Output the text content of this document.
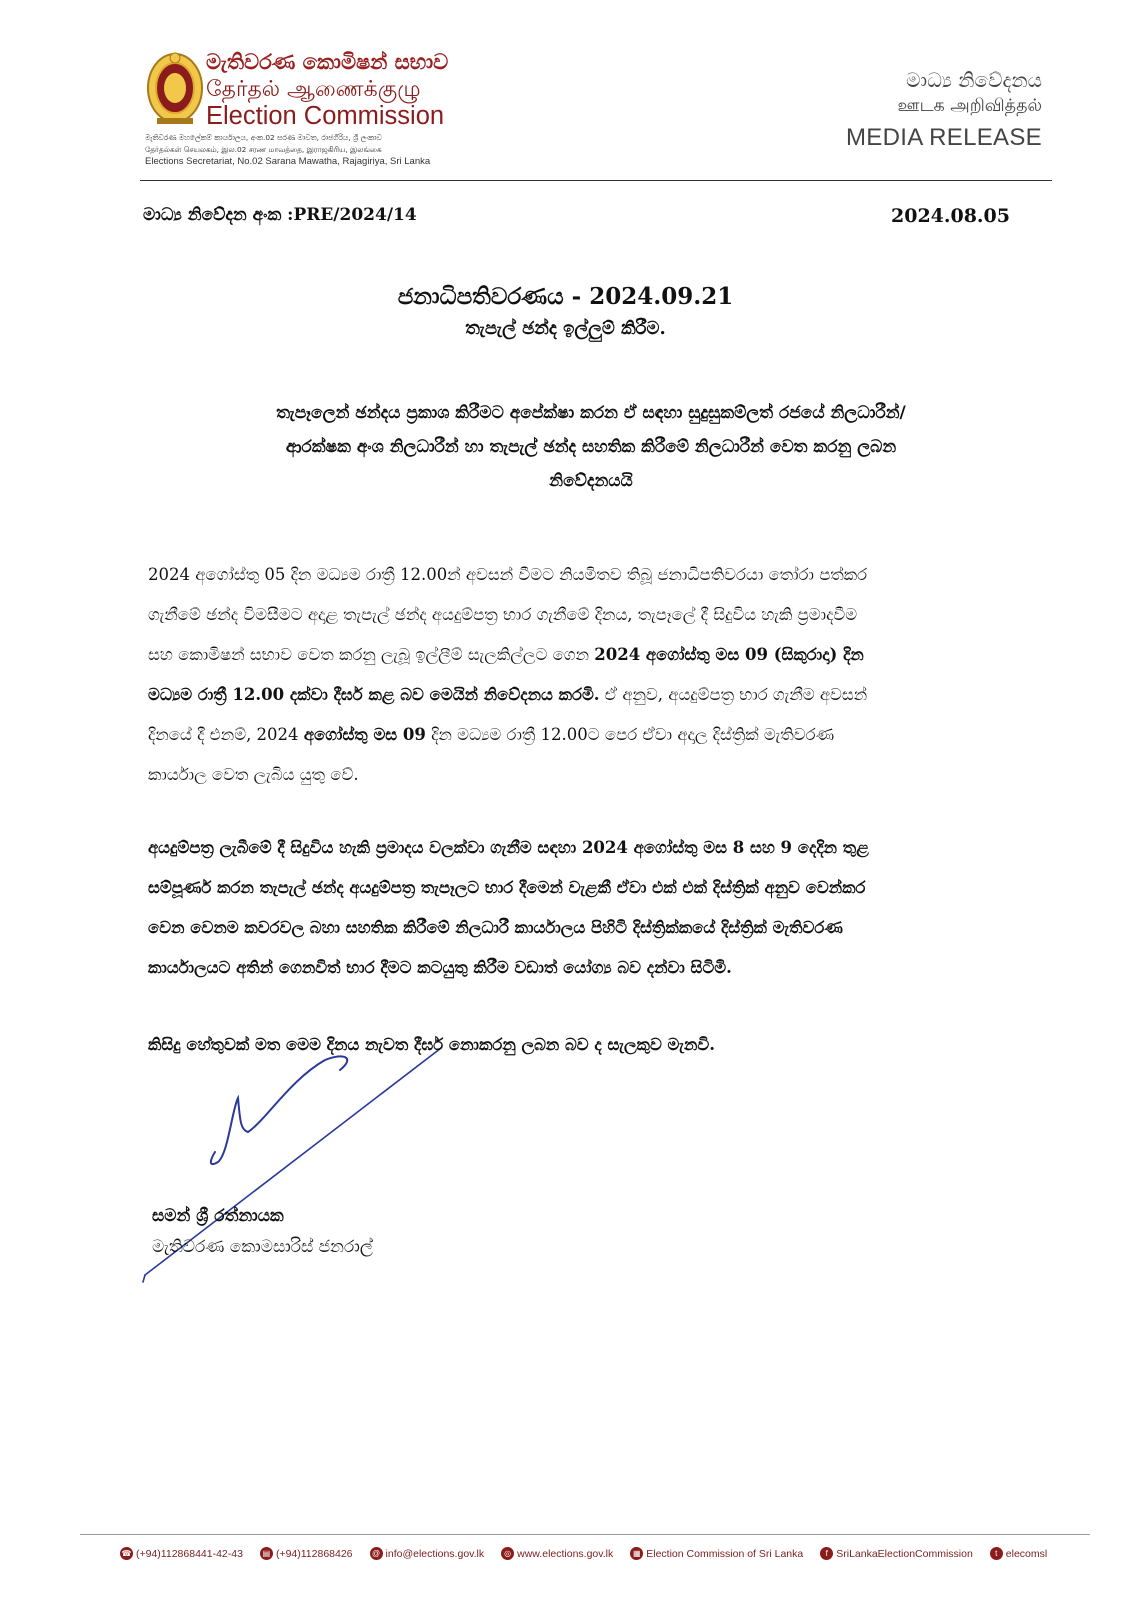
මැතිවරණ කොමිෂන් සභාව
தேர்தல் ஆணைக்குழு
Election Commission
මැතිවරණ මහලේකම් කාර්යාලය, අංක.02 සරණ මාවත, රාජගිරිය, ශ්‍රී ලංකාව
தேர்தல்கள் செயலகம், இல.02 சரண மாவத்தை, இராஜகிரிய, இலங்கை
Elections Secretariat, No.02 Sarana Mawatha, Rajagiriya, Sri Lanka
මාධ්‍ය නිවේදනය
ஊடக அறிவித்தல்
MEDIA RELEASE
මාධ්‍ය නිවේදන අංක :PRE/2024/14	2024.08.05
ජනාධිපතිවරණය - 2024.09.21
තැපැල් ඡන්ද ඉල්ලුම් කිරීම.
තැපෑලෙන් ඡන්දය ප්‍රකාශ කිරීමට අපේක්ෂා කරන ඒ සඳහා සුදුසුකම්ලත් රජයේ නිලධාරීන්/
ආරක්ෂක අංශ නිලධාරීන් හා තැපැල් ඡන්ද සහතික කිරීමේ නිලධාරීන් වෙත කරනු ලබන
නිවේදනයයි
2024 අගෝස්තු 05 දින මධ්‍යම රාත්‍රී 12.00න් අවසන් වීමට නියමිතව තිබූ ජනාධිපතිවරයා තෝරා පත්කර
ගැනීමේ ඡන්ද විමසීමට අදාළ තැපැල් ඡන්ද අයදුම්පත්‍ර භාර ගැනීමේ දිනය, තැපෑලේ දී සිදුවිය හැකි ප්‍රමාදවීම
සහ කොමිෂන් සභාව වෙත කරනු ලැබූ ඉල්ලීම් සැලකිල්ලට ගෙන 2024 අගෝස්තු මස 09 (සිකුරාදා) දින
මධ්‍යම රාත්‍රී 12.00 දක්වා දීර්ඝ කළ බව මෙයින් නිවේදනය කරමි. ඒ අනුව, අයදුම්පත්‍ර භාර ගැනීම අවසන්
දිනයේ දී එනම්, 2024 අගෝස්තු මස 09 දින මධ්‍යම රාත්‍රී 12.00ට පෙර ඒවා අදාල දිස්ත්‍රික් මැතිවරණ
කාර්යාල වෙත ලැබිය යුතු වේ.
අයදුම්පත්‍ර ලැබීමේ දී සිදුවිය හැකි ප්‍රමාදය වලක්වා ගැනීම සඳහා 2024 අගෝස්තු මස 8 සහ 9 දෙදින තුළ
සම්පූර්ණ කරන තැපැල් ඡන්ද අයදුම්පත්‍ර තැපෑලට භාර දීමෙන් වැළකී ඒවා එක් එක් දිස්ත්‍රික් අනුව වෙන්කර
වෙන වෙනම කවරවල බහා සහතික කිරීමේ නිලධාරී කාර්යාලය පිහිටි දිස්ත්‍රික්කයේ දිස්ත්‍රික් මැතිවරණ
කාර්යාලයට අතින් ගෙනවිත් භාර දීමට කටයුතු කිරීම වඩාත් යෝග්‍ය බව දන්වා සිටිමි.
කිසිදු හේතුවක් මත මෙම දිනය නැවත දීර්ඝ නොකරනු ලබන බව ද සැලකුව මැනවි.
සමන් ශ්‍රී රත්නායක
මැතිවරණ කොමසාරිස් ජනරාල්
☎ (+94)112868441-42-43	▤ (+94)112868426	@ info@elections.gov.lk	◎ www.elections.gov.lk	▦ Election Commission of Sri Lanka	f SriLankaElectionCommission	t elecomsl
